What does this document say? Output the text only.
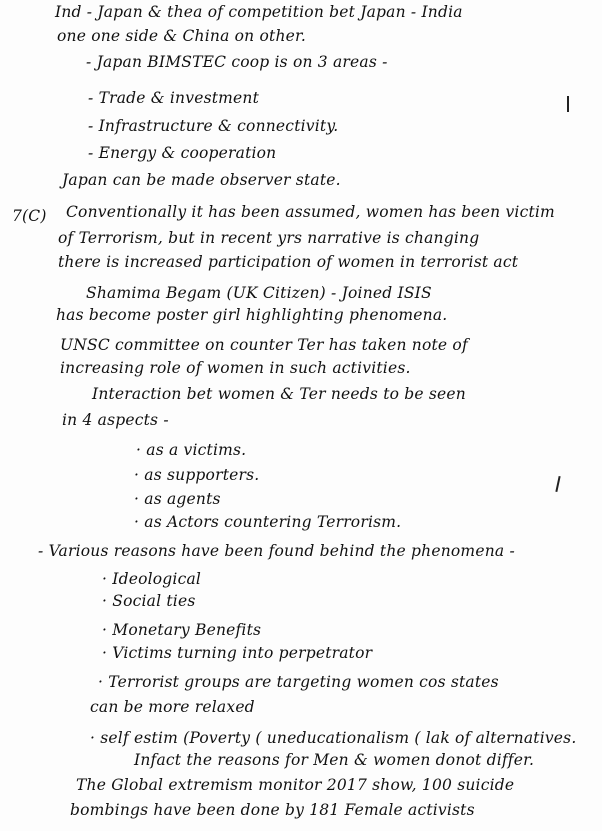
Ind - Japan & thea of competition bet Japan - India
one one side & China on other.
- Japan BIMSTEC coop is on 3 areas -
- Trade & investment
- Infrastructure & connectivity.
- Energy & cooperation
Japan can be made observer state.
7(C) Conventionally it has been assumed, women has been victim
of Terrorism, but in recent yrs narrative is changing
there is increased participation of women in terrorist act
Shamima Begam (UK Citizen) - Joined ISIS
has become poster girl highlighting phenomena.
UNSC committee on counter Ter has taken note of
increasing role of women in such activities.
Interaction bet women & Ter needs to be seen
in 4 aspects -
· as a victims.
· as supporters.
· as agents
· as Actors countering Terrorism.
- Various reasons have been found behind the phenomena -
· Ideological
· Social ties
· Monetary Benefits
· Victims turning into perpetrator
· Terrorist groups are targeting women cos states
can be more relaxed
· self estim (Poverty ( uneducationalism ( lak of alternatives.
Infact the reasons for Men & women donot differ.
The Global extremism monitor 2017 show, 100 suicide
bombings have been done by 181 Female activists
